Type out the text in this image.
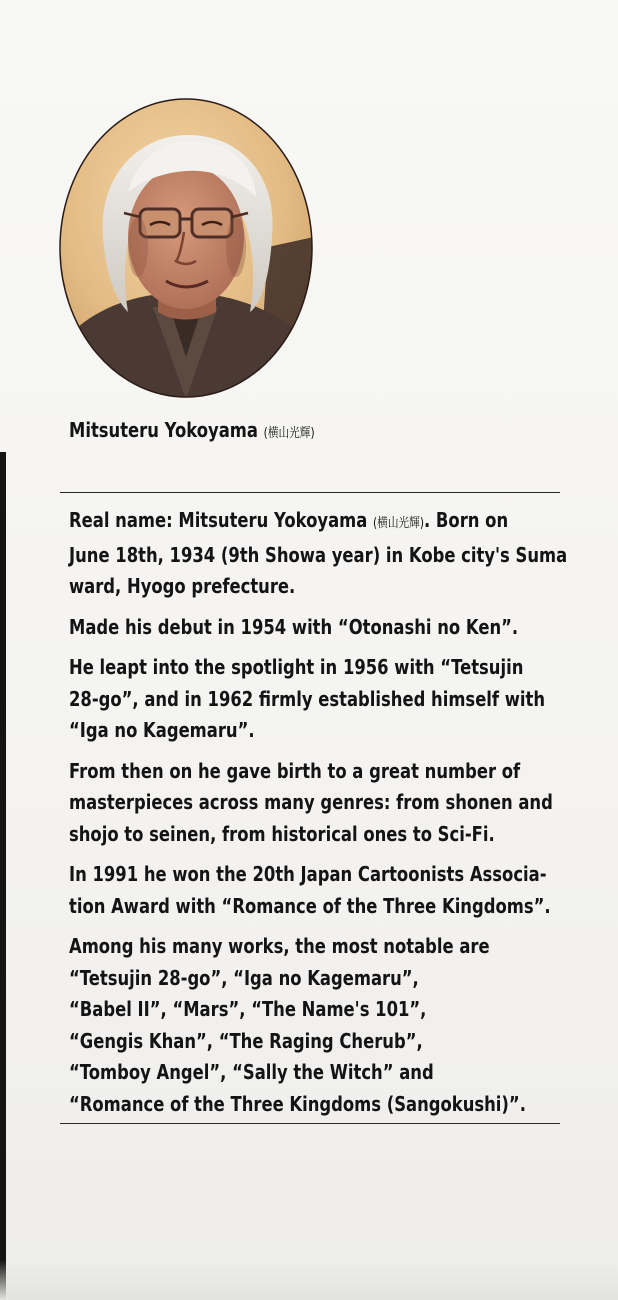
Mitsuteru Yokoyama (横山光輝)

Real name: Mitsuteru Yokoyama (横山光輝). Born on
June 18th, 1934 (9th Showa year) in Kobe city's Suma
ward, Hyogo prefecture.

Made his debut in 1954 with “Otonashi no Ken”.

He leapt into the spotlight in 1956 with “Tetsujin
28-go”, and in 1962 firmly established himself with
“Iga no Kagemaru”.

From then on he gave birth to a great number of
masterpieces across many genres: from shonen and
shojo to seinen, from historical ones to Sci-Fi.

In 1991 he won the 20th Japan Cartoonists Associa-
tion Award with “Romance of the Three Kingdoms”.

Among his many works, the most notable are
“Tetsujin 28-go”, “Iga no Kagemaru”,
“Babel II”, “Mars”, “The Name's 101”,
“Gengis Khan”, “The Raging Cherub”,
“Tomboy Angel”, “Sally the Witch” and
“Romance of the Three Kingdoms (Sangokushi)”.
